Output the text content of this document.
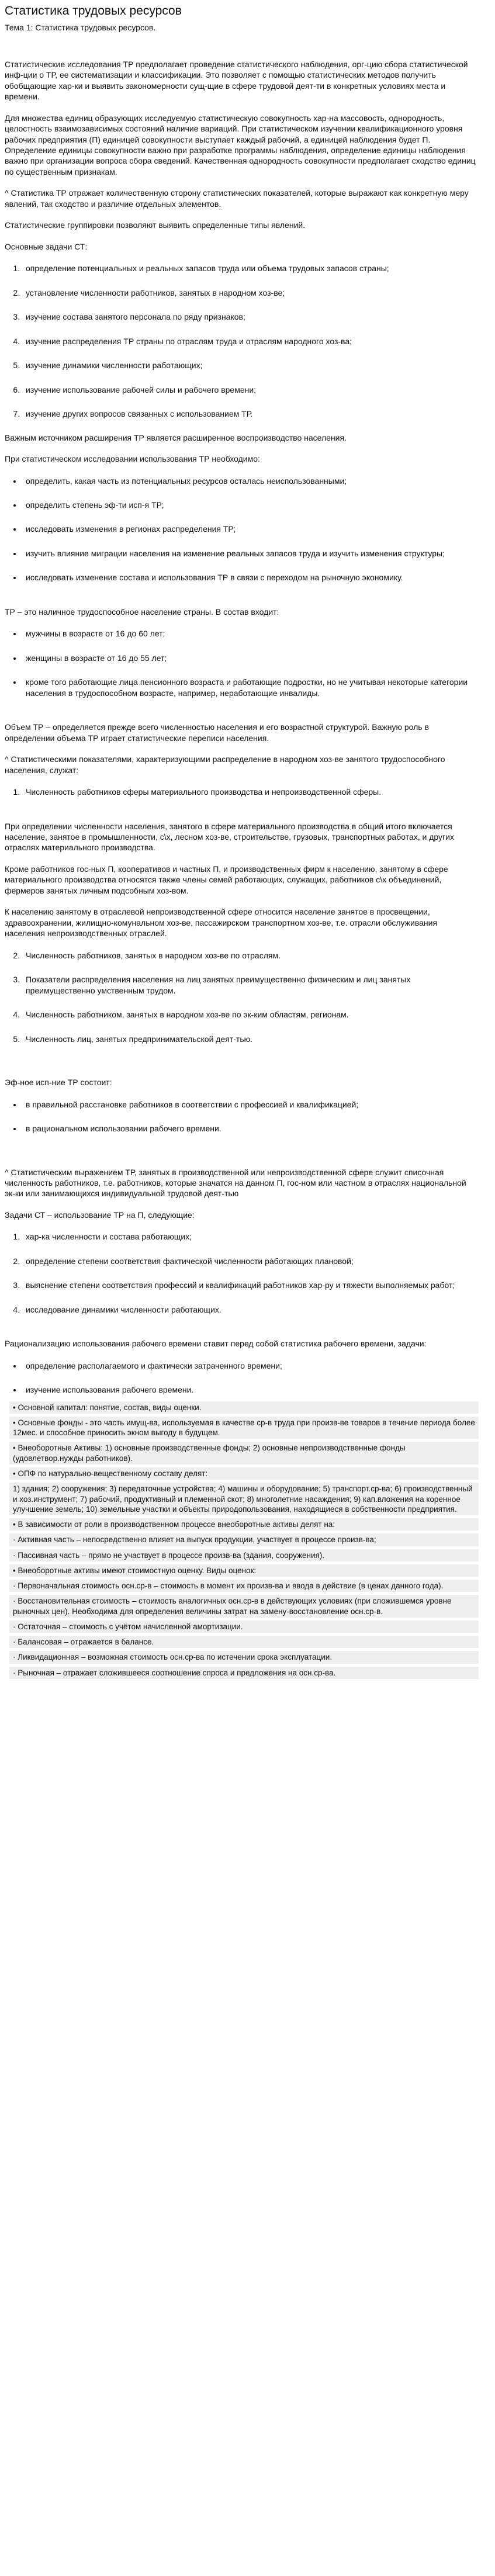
Статистика трудовых ресурсов

Тема 1: Статистика трудовых ресурсов.

Статистические исследования ТР предполагает проведение статистического наблюдения, орг-цию сбора статистической инф-ции о ТР, ее систематизации и классификации. Это позволяет с помощью статистических методов получить обобщающие хар-ки и выявить закономерности сущ-щие в сфере трудовой деят-ти в конкретных условиях места и времени.

Для множества единиц образующих исследуемую статистическую совокупность хар-на массовость, однородность, целостность взаимозависимых состояний наличие вариаций. При статистическом изучении квалификационного уровня рабочих предприятия (П) единицей совокупности выступает каждый рабочий, а единицей наблюдения будет П. Определение единицы совокупности важно при разработке программы наблюдения, определение единицы наблюдения важно при организации вопроса сбора сведений. Качественная однородность совокупности предполагает сходство единиц по существенным признакам.

^ Статистика ТР отражает количественную сторону статистических показателей, которые выражают как конкретную меру явлений, так сходство и различие отдельных элементов.

Статистические группировки позволяют выявить определенные типы явлений.

Основные задачи СТ:

1. определение потенциальных и реальных запасов труда или объема трудовых запасов страны;
2. установление численности работников, занятых в народном хоз-ве;
3. изучение состава занятого персонала по ряду признаков;
4. изучение распределения ТР страны по отраслям труда и отраслям народного хоз-ва;
5. изучение динамики численности работающих;
6. изучение использование рабочей силы и рабочего времени;
7. изучение других вопросов связанных с использованием ТР.

Важным источником расширения ТР является расширенное воспроизводство населения.

При статистическом исследовании использования ТР необходимо:

• определить, какая часть из потенциальных ресурсов осталась неиспользованными;
• определить степень эф-ти исп-я ТР;
• исследовать изменения в регионах распределения ТР;
• изучить влияние миграции населения на изменение реальных запасов труда и изучить изменения структуры;
• исследовать изменение состава и использования ТР в связи с переходом на рыночную экономику.

ТР – это наличное трудоспособное население страны. В состав входит:

• мужчины в возрасте от 16 до 60 лет;
• женщины в возрасте от 16 до 55 лет;
• кроме того работающие лица пенсионного возраста и работающие подростки, но не учитывая некоторые категории населения в трудоспособном возрасте, например, неработающие инвалиды.

Объем ТР – определяется прежде всего численностью населения и его возрастной структурой. Важную роль в определении объема ТР играет статистические переписи населения.

^ Статистическими показателями, характеризующими распределение в народном хоз-ве занятого трудоспособного населения, служат:

1. Численность работников сферы материального производства и непроизводственной сферы.

При определении численности населения, занятого в сфере материального производства в общий итого включается население, занятое в промышленности, с\х, лесном хоз-ве, строительстве, грузовых, транспортных работах, и других отраслях материального производства.

Кроме работников гос-ных П, кооперативов и частных П, и производственных фирм к населению, занятому в сфере материального производства относятся также члены семей работающих, служащих, работников с\х объединений, фермеров занятых личным подсобным хоз-вом.

К населению занятому в отраслевой непроизводственной сфере относится население занятое в просвещении, здравоохранении, жилищно-комунальном хоз-ве, пассажирском транспортном хоз-ве, т.е. отрасли обслуживания населения непроизводственных отраслей.

2. Численность работников, занятых в народном хоз-ве по отраслям.
3. Показатели распределения населения на лиц занятых преимущественно физическим и лиц занятых преимущественно умственным трудом.
4. Численность работником, занятых в народном хоз-ве по эк-ким областям, регионам.
5. Численность лиц, занятых предпринимательской деят-тью.

Эф-ное исп-ние ТР состоит:

• в правильной расстановке работников в соответствии с профессией и квалификацией;
• в рациональном использовании рабочего времени.

^ Статистическим выражением ТР, занятых в производственной или непроизводственной сфере служит списочная численность работников, т.е. работников, которые значатся на данном П, гос-ном или частном в отраслях национальной эк-ки или занимающихся индивидуальной трудовой деят-тью

Задачи СТ – использование ТР на П, следующие:

1. хар-ка численности и состава работающих;
2. определение степени соответствия фактической численности работающих плановой;
3. выяснение степени соответствия профессий и квалификаций работников хар-ру и тяжести выполняемых работ;
4. исследование динамики численности работающих.

Рационализацию использования рабочего времени ставит перед собой статистика рабочего времени, задачи:

• определение располагаемого и фактически затраченного времени;
• изучение использования рабочего времени.
• Основной капитал: понятие, состав, виды оценки.
• Основные фонды - это часть имущ-ва, используемая в качестве ср-в труда при произв-ве товаров в течение периода более 12мес. и способное приносить экном выгоду в будущем.
• Внеоборотные Активы: 1) основные производственные фонды; 2) основные непроизводственные фонды (удовлетвор.нужды работников).
• ОПФ по натурально-вещественному составу делят:
1) здания; 2) сооружения; 3) передаточные устройства; 4) машины и оборудование; 5) транспорт.ср-ва; 6) производственный и хоз.инструмент; 7) рабочий, продуктивный и племенной скот; 8) многолетние насаждения; 9) кап.вложения на коренное улучшение земель; 10) земельные участки и объекты природопользования, находящиеся в собственности предприятия.
• В зависимости от роли в производственном процессе внеоборотные активы делят на:
· Активная часть – непосредственно влияет на выпуск продукции, участвует в процессе произв-ва;
· Пассивная часть – прямо не участвует в процессе произв-ва (здания, сооружения).
• Внеоборотные активы имеют стоимостную оценку. Виды оценок:
· Первоначальная стоимость осн.ср-в – стоимость в момент их произв-ва и ввода в действие (в ценах данного года).
· Восстановительная стоимость – стоимость аналогичных осн.ср-в в действующих условиях (при сложившемся уровне рыночных цен). Необходима для определения величины затрат на замену-восстановление осн.ср-в.
· Остаточная – стоимость с учётом начисленной амортизации.
· Балансовая – отражается в балансе.
· Ликвидационная – возможная стоимость осн.ср-ва по истечении срока эксплуатации.
· Рыночная – отражает сложившееся соотношение спроса и предложения на осн.ср-ва.
